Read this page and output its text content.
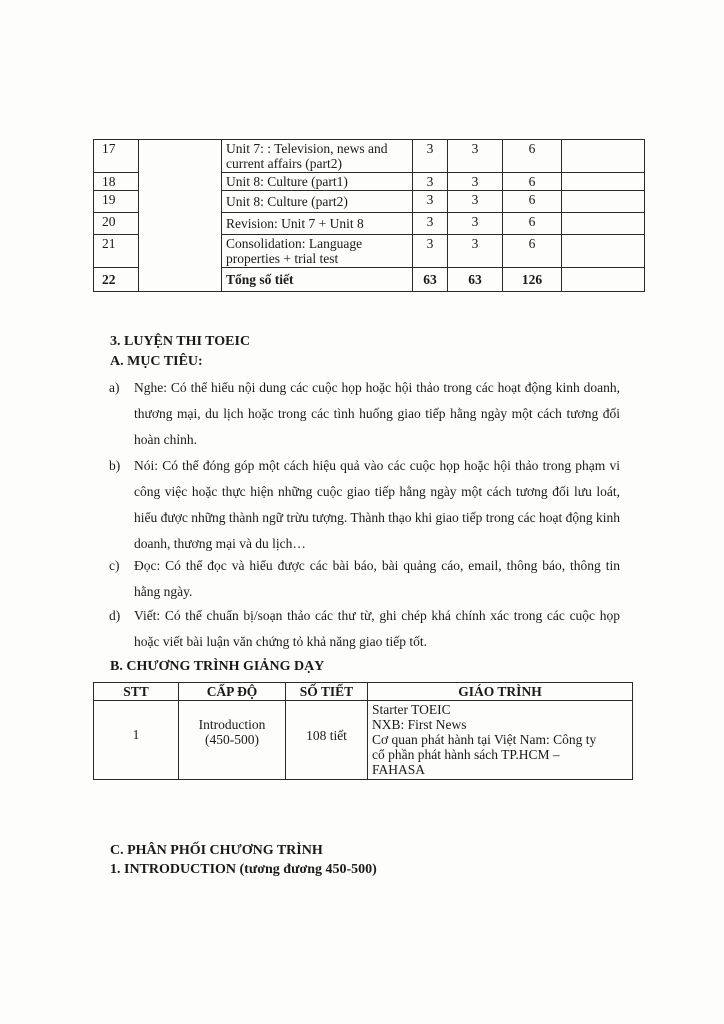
17		Unit 7: : Television, news and
current affairs (part2)	3	3	6	
18		Unit 8: Culture (part1)	3	3	6	
19		Unit 8: Culture (part2)	3	3	6	
20		Revision: Unit 7 + Unit 8	3	3	6	
21		Consolidation: Language
properties + trial test	3	3	6	
22		Tổng số tiết	63	63	126	
3. LUYỆN THI TOEIC
A. MỤC TIÊU:
a) Nghe: Có thể hiểu nội dung các cuộc họp hoặc hội thảo trong các hoạt động kinh doanh, thương mại, du lịch hoặc trong các tình huống giao tiếp hằng ngày một cách tương đối hoàn chỉnh.
b) Nói: Có thể đóng góp một cách hiệu quả vào các cuộc họp hoặc hội thảo trong phạm vi công việc hoặc thực hiện những cuộc giao tiếp hằng ngày một cách tương đối lưu loát, hiểu được những thành ngữ trừu tượng. Thành thạo khi giao tiếp trong các hoạt động kinh doanh, thương mại và du lịch…
c) Đọc: Có thể đọc và hiểu được các bài báo, bài quảng cáo, email, thông báo, thông tin hằng ngày.
d) Viết: Có thể chuẩn bị/soạn thảo các thư từ, ghi chép khá chính xác trong các cuộc họp hoặc viết bài luận văn chứng tỏ khả năng giao tiếp tốt.
B. CHƯƠNG TRÌNH GIẢNG DẠY
STT	CẤP ĐỘ	SỐ TIẾT	GIÁO TRÌNH
1	Introduction
(450-500)	108 tiết	Starter TOEIC
NXB: First News
Cơ quan phát hành tại Việt Nam: Công ty
cổ phần phát hành sách TP.HCM –
FAHASA
C. PHÂN PHỐI CHƯƠNG TRÌNH
1. INTRODUCTION (tương đương 450-500)
